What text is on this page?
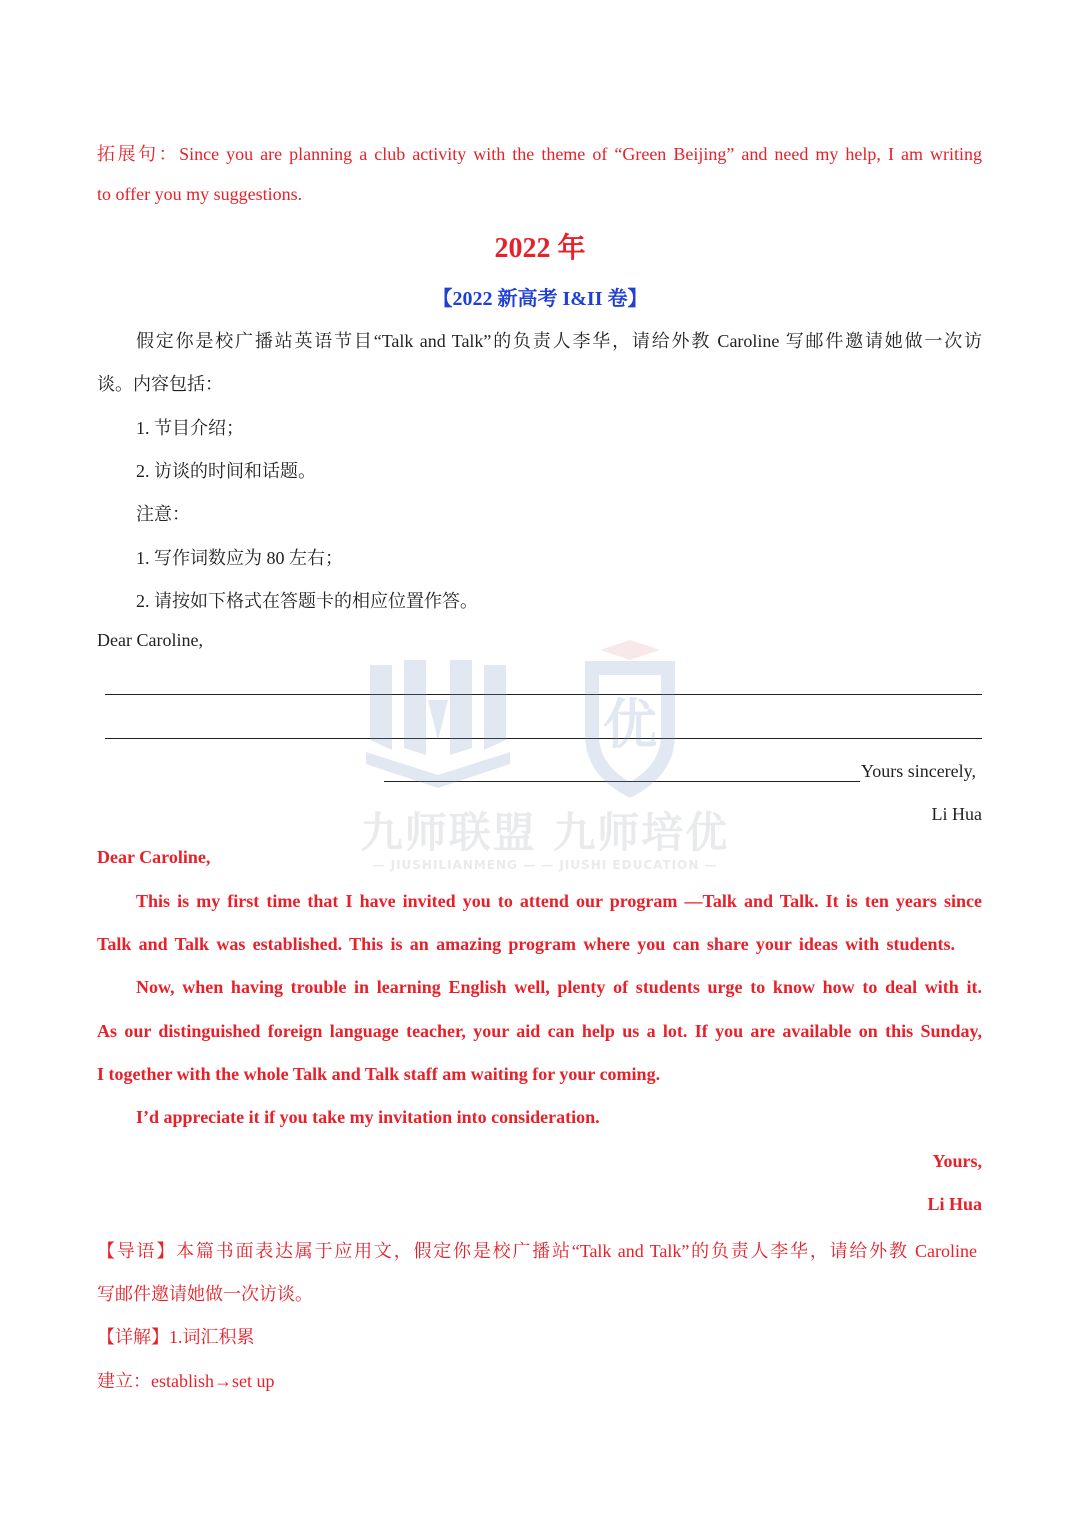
拓展句：Since you are planning a club activity with the theme of “Green Beijing” and need my help, I am writing
to offer you my suggestions.
2022 年
【2022 新高考 I&II 卷】
假定你是校广播站英语节目“Talk and Talk”的负责人李华，请给外教 Caroline 写邮件邀请她做一次访
谈。内容包括：
1. 节目介绍；
2. 访谈的时间和话题。
注意：
1. 写作词数应为 80 左右；
2. 请按如下格式在答题卡的相应位置作答。
Dear Caroline,
Yours sincerely,
Li Hua
优
九师联盟 九师培优
— JIUSHILIANMENG — — JIUSHI EDUCATION —
Dear Caroline,
This is my first time that I have invited you to attend our program —Talk and Talk. It is ten years since
Talk and Talk was established. This is an amazing program where you can share your ideas with students.
Now, when having trouble in learning English well, plenty of students urge to know how to deal with it.
As our distinguished foreign language teacher, your aid can help us a lot. If you are available on this Sunday,
I together with the whole Talk and Talk staff am waiting for your coming.
I’d appreciate it if you take my invitation into consideration.
Yours,
Li Hua
【导语】本篇书面表达属于应用文，假定你是校广播站“Talk and Talk”的负责人李华，请给外教 Caroline
写邮件邀请她做一次访谈。
【详解】1.词汇积累
建立：establish→set up
